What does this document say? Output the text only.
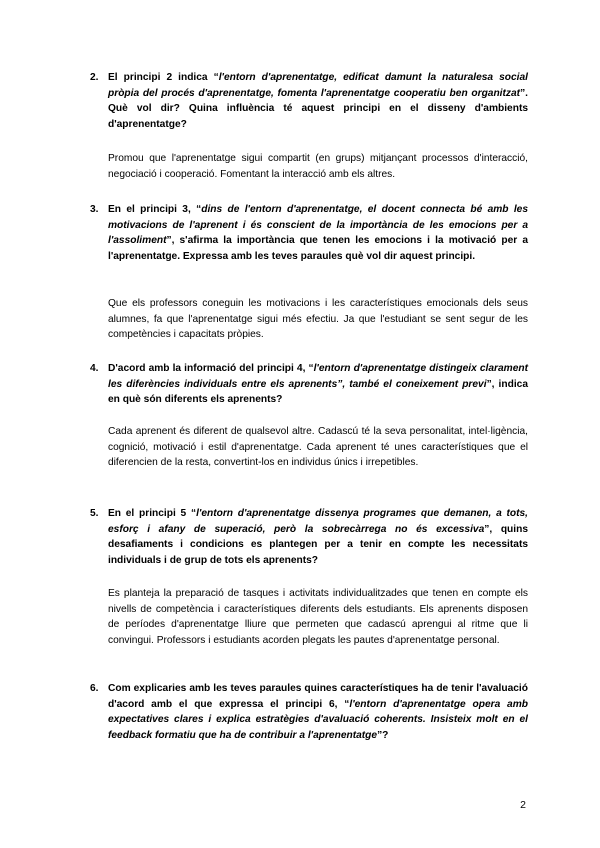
2. El principi 2 indica “l'entorn d'aprenentatge, edificat damunt la naturalesa social pròpia del procés d'aprenentatge, fomenta l'aprenentatge cooperatiu ben organitzat”. Què vol dir? Quina influència té aquest principi en el disseny d'ambients d'aprenentatge?
Promou que l'aprenentatge sigui compartit (en grups) mitjançant processos d'interacció, negociació i cooperació. Fomentant la interacció amb els altres.
3. En el principi 3, “dins de l'entorn d'aprenentatge, el docent connecta bé amb les motivacions de l'aprenent i és conscient de la importància de les emocions per a l'assoliment”, s'afirma la importància que tenen les emocions i la motivació per a l'aprenentatge. Expressa amb les teves paraules què vol dir aquest principi.
Que els professors coneguin les motivacions i les característiques emocionals dels seus alumnes, fa que l'aprenentatge sigui més efectiu. Ja que l'estudiant se sent segur de les competències i capacitats pròpies.
4. D'acord amb la informació del principi 4, “l'entorn d'aprenentatge distingeix clarament les diferències individuals entre els aprenents”, també el coneixement previ”, indica en què són diferents els aprenents?
Cada aprenent és diferent de qualsevol altre. Cadascú té la seva personalitat, intel·ligència, cognició, motivació i estil d'aprenentatge. Cada aprenent té unes característiques que el diferencien de la resta, convertint-los en individus únics i irrepetibles.
5. En el principi 5 “l'entorn d'aprenentatge dissenya programes que demanen, a tots, esforç i afany de superació, però la sobrecàrrega no és excessiva”, quins desafiaments i condicions es plantegen per a tenir en compte les necessitats individuals i de grup de tots els aprenents?
Es planteja la preparació de tasques i activitats individualitzades que tenen en compte els nivells de competència i característiques diferents dels estudiants. Els aprenents disposen de períodes d'aprenentatge lliure que permeten que cadascú aprengui al ritme que li convingui. Professors i estudiants acorden plegats les pautes d'aprenentatge personal.
6. Com explicaries amb les teves paraules quines característiques ha de tenir l'avaluació d'acord amb el que expressa el principi 6, “l'entorn d'aprenentatge opera amb expectatives clares i explica estratègies d'avaluació coherents. Insisteix molt en el feedback formatiu que ha de contribuir a l'aprenentatge”?
2
